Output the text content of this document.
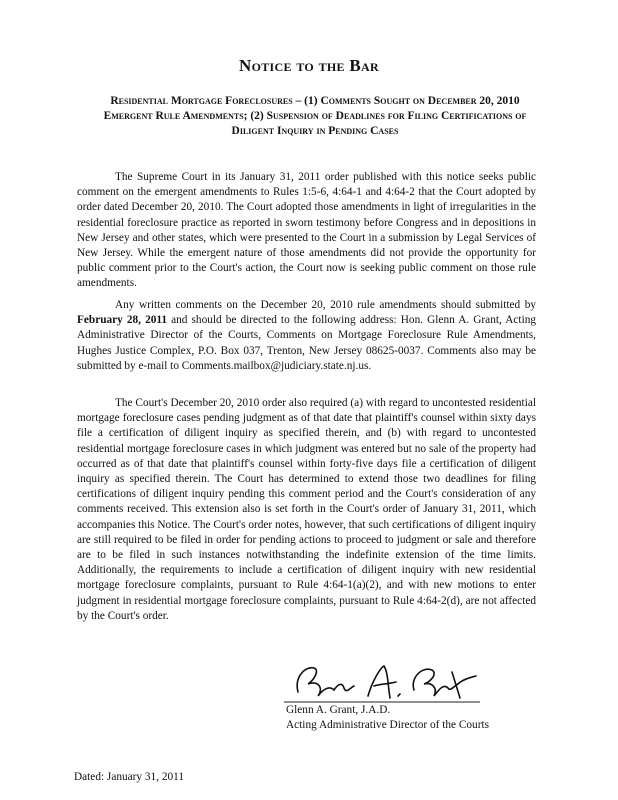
Notice to the Bar
Residential Mortgage Foreclosures – (1) Comments Sought on December 20, 2010 Emergent Rule Amendments; (2) Suspension of Deadlines for Filing Certifications of Diligent Inquiry in Pending Cases

The Supreme Court in its January 31, 2011 order published with this notice seeks public comment on the emergent amendments to Rules 1:5-6, 4:64-1 and 4:64-2 that the Court adopted by order dated December 20, 2010. The Court adopted those amendments in light of irregularities in the residential foreclosure practice as reported in sworn testimony before Congress and in depositions in New Jersey and other states, which were presented to the Court in a submission by Legal Services of New Jersey. While the emergent nature of those amendments did not provide the opportunity for public comment prior to the Court's action, the Court now is seeking public comment on those rule amendments.

Any written comments on the December 20, 2010 rule amendments should submitted by February 28, 2011 and should be directed to the following address: Hon. Glenn A. Grant, Acting Administrative Director of the Courts, Comments on Mortgage Foreclosure Rule Amendments, Hughes Justice Complex, P.O. Box 037, Trenton, New Jersey 08625-0037. Comments also may be submitted by e-mail to Comments.mailbox@judiciary.state.nj.us.

The Court's December 20, 2010 order also required (a) with regard to uncontested residential mortgage foreclosure cases pending judgment as of that date that plaintiff's counsel within sixty days file a certification of diligent inquiry as specified therein, and (b) with regard to uncontested residential mortgage foreclosure cases in which judgment was entered but no sale of the property had occurred as of that date that plaintiff's counsel within forty-five days file a certification of diligent inquiry as specified therein. The Court has determined to extend those two deadlines for filing certifications of diligent inquiry pending this comment period and the Court's consideration of any comments received. This extension also is set forth in the Court's order of January 31, 2011, which accompanies this Notice. The Court's order notes, however, that such certifications of diligent inquiry are still required to be filed in order for pending actions to proceed to judgment or sale and therefore are to be filed in such instances notwithstanding the indefinite extension of the time limits. Additionally, the requirements to include a certification of diligent inquiry with new residential mortgage foreclosure complaints, pursuant to Rule 4:64-1(a)(2), and with new motions to enter judgment in residential mortgage foreclosure complaints, pursuant to Rule 4:64-2(d), are not affected by the Court's order.

Glenn A. Grant, J.A.D.
Acting Administrative Director of the Courts
Dated: January 31, 2011
